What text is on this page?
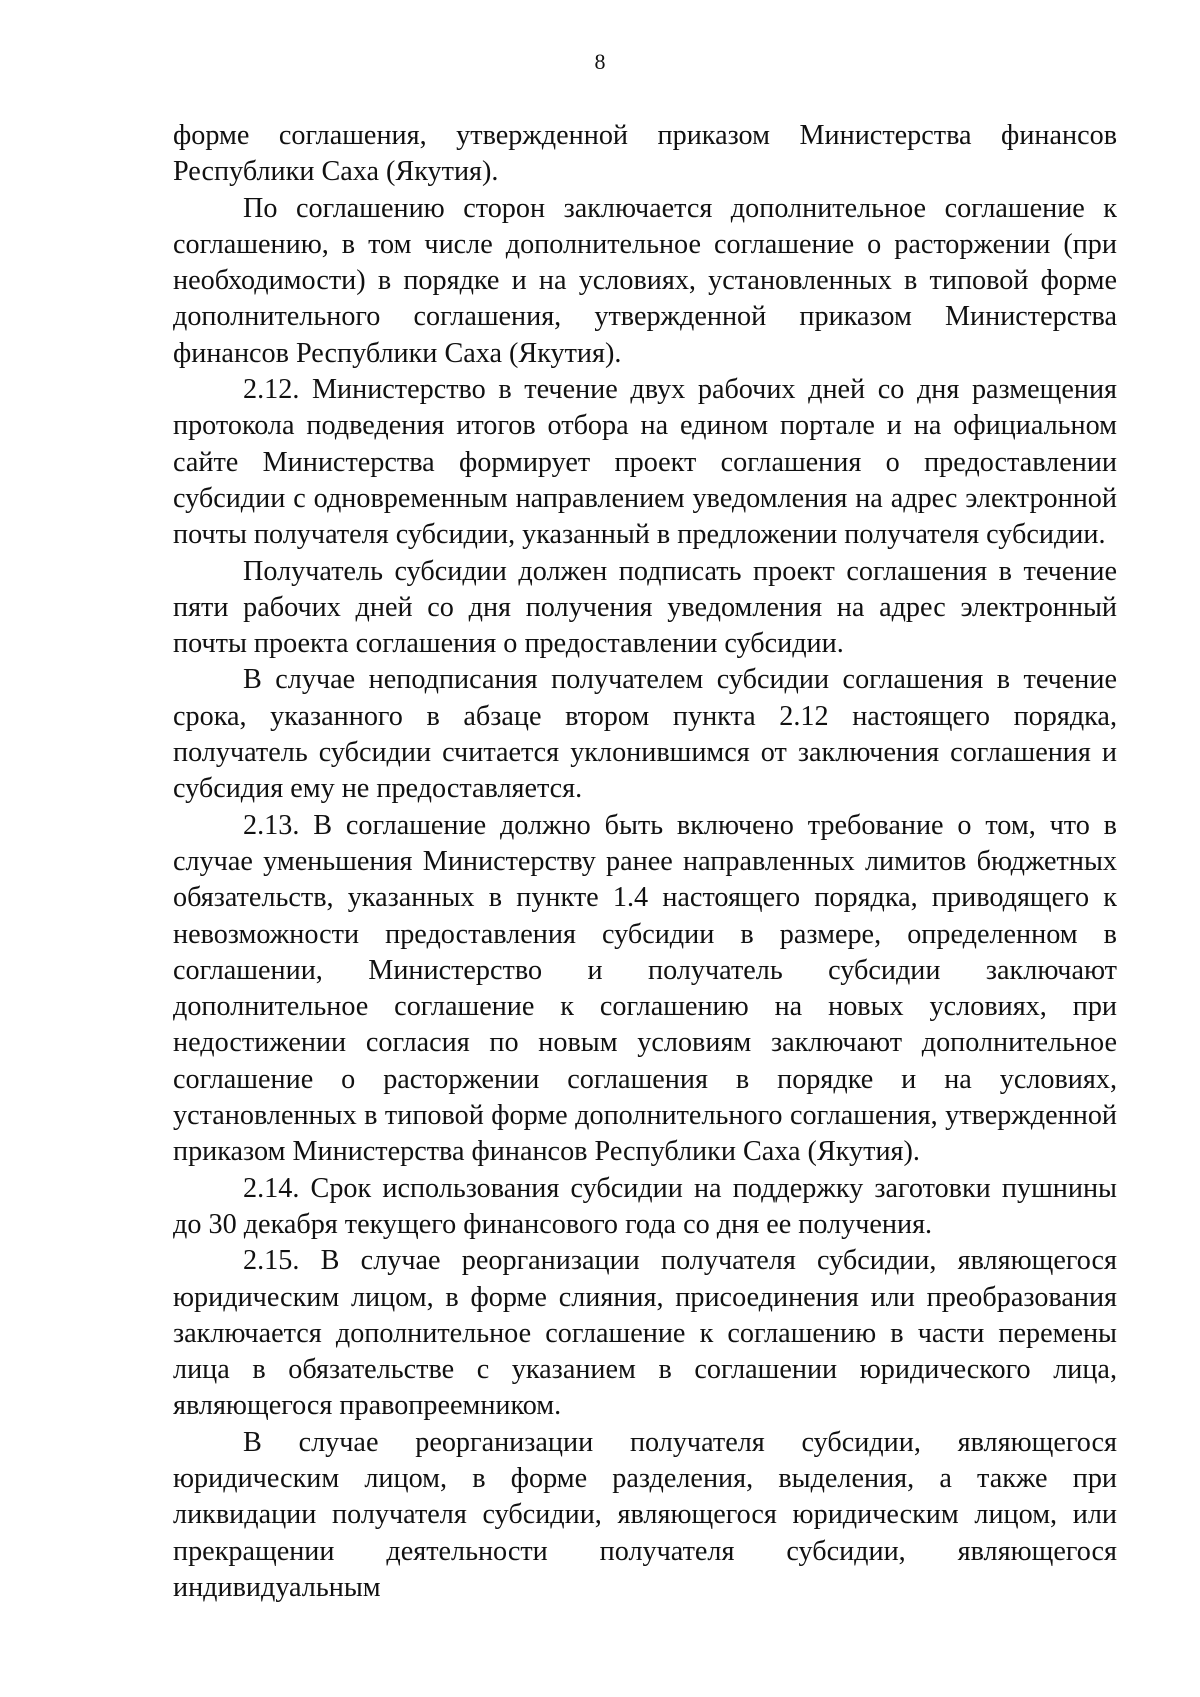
8

форме соглашения, утвержденной приказом Министерства финансов Республики Саха (Якутия).

По соглашению сторон заключается дополнительное соглашение к соглашению, в том числе дополнительное соглашение о расторжении (при необходимости) в порядке и на условиях, установленных в типовой форме дополнительного соглашения, утвержденной приказом Министерства финансов Республики Саха (Якутия).

2.12. Министерство в течение двух рабочих дней со дня размещения протокола подведения итогов отбора на едином портале и на официальном сайте Министерства формирует проект соглашения о предоставлении субсидии с одновременным направлением уведомления на адрес электронной почты получателя субсидии, указанный в предложении получателя субсидии.

Получатель субсидии должен подписать проект соглашения в течение пяти рабочих дней со дня получения уведомления на адрес электронный почты проекта соглашения о предоставлении субсидии.

В случае неподписания получателем субсидии соглашения в течение срока, указанного в абзаце втором пункта 2.12 настоящего порядка, получатель субсидии считается уклонившимся от заключения соглашения и субсидия ему не предоставляется.

2.13. В соглашение должно быть включено требование о том, что в случае уменьшения Министерству ранее направленных лимитов бюджетных обязательств, указанных в пункте 1.4 настоящего порядка, приводящего к невозможности предоставления субсидии в размере, определенном в соглашении, Министерство и получатель субсидии заключают дополнительное соглашение к соглашению на новых условиях, при недостижении согласия по новым условиям заключают дополнительное соглашение о расторжении соглашения в порядке и на условиях, установленных в типовой форме дополнительного соглашения, утвержденной приказом Министерства финансов Республики Саха (Якутия).

2.14. Срок использования субсидии на поддержку заготовки пушнины до 30 декабря текущего финансового года со дня ее получения.

2.15. В случае реорганизации получателя субсидии, являющегося юридическим лицом, в форме слияния, присоединения или преобразования заключается дополнительное соглашение к соглашению в части перемены лица в обязательстве с указанием в соглашении юридического лица, являющегося правопреемником.

В случае реорганизации получателя субсидии, являющегося юридическим лицом, в форме разделения, выделения, а также при ликвидации получателя субсидии, являющегося юридическим лицом, или прекращении деятельности получателя субсидии, являющегося индивидуальным
